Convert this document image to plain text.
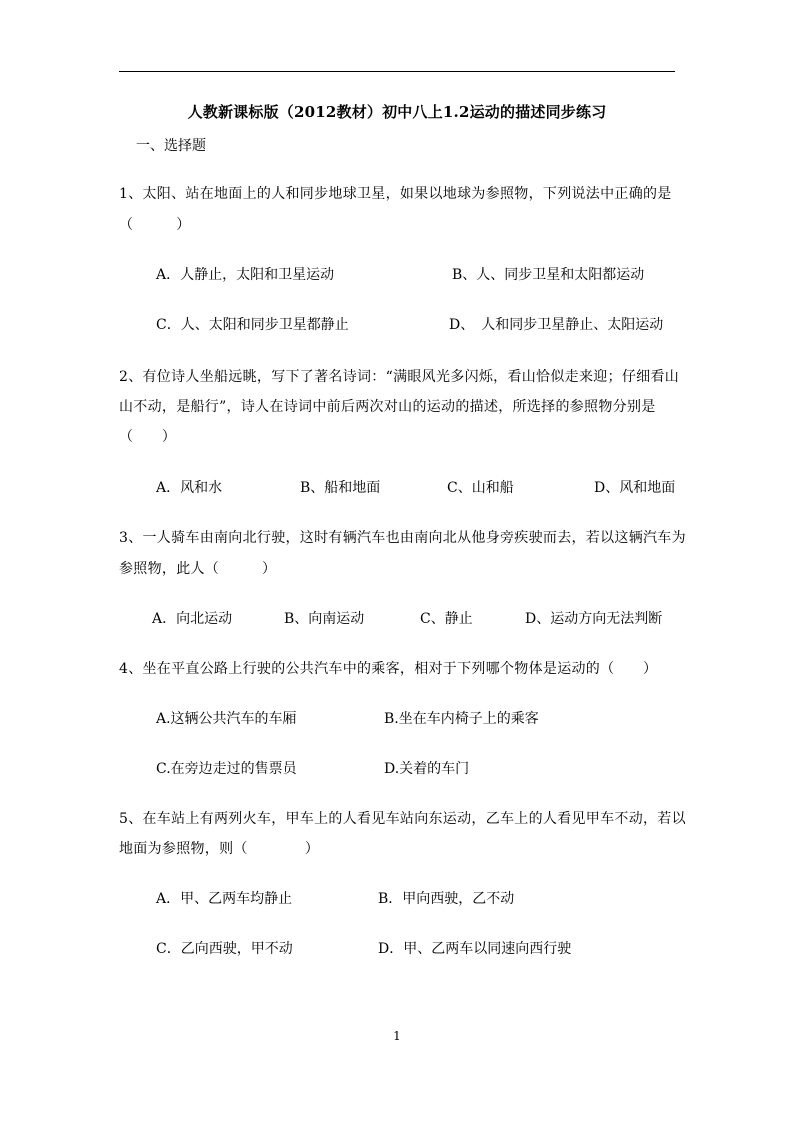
人教新课标版（2012教材）初中八上1.2运动的描述同步练习
一、选择题
1、太阳、站在地面上的人和同步地球卫星，如果以地球为参照物，下列说法中正确的是
（　　　）
A．人静止，太阳和卫星运动	B、人、同步卫星和太阳都运动
C．人、太阳和同步卫星都静止	D、　人和同步卫星静止、太阳运动
2、有位诗人坐船远眺，写下了著名诗词：“满眼风光多闪烁，看山恰似走来迎；仔细看山
山不动，是船行”，诗人在诗词中前后两次对山的运动的描述，所选择的参照物分别是
（　　）
A．风和水	B、船和地面	C、山和船	D、风和地面
3、一人骑车由南向北行驶，这时有辆汽车也由南向北从他身旁疾驶而去，若以这辆汽车为
参照物，此人（　　　）
A．向北运动	B、向南运动	C、静止	D、运动方向无法判断
4、坐在平直公路上行驶的公共汽车中的乘客，相对于下列哪个物体是运动的（　　）
A.这辆公共汽车的车厢	B.坐在车内椅子上的乘客
C.在旁边走过的售票员	D.关着的车门
5、在车站上有两列火车，甲车上的人看见车站向东运动，乙车上的人看见甲车不动，若以
地面为参照物，则（　　　　）
A．甲、乙两车均静止	B．甲向西驶，乙不动
C．乙向西驶，甲不动	D．甲、乙两车以同速向西行驶
1
